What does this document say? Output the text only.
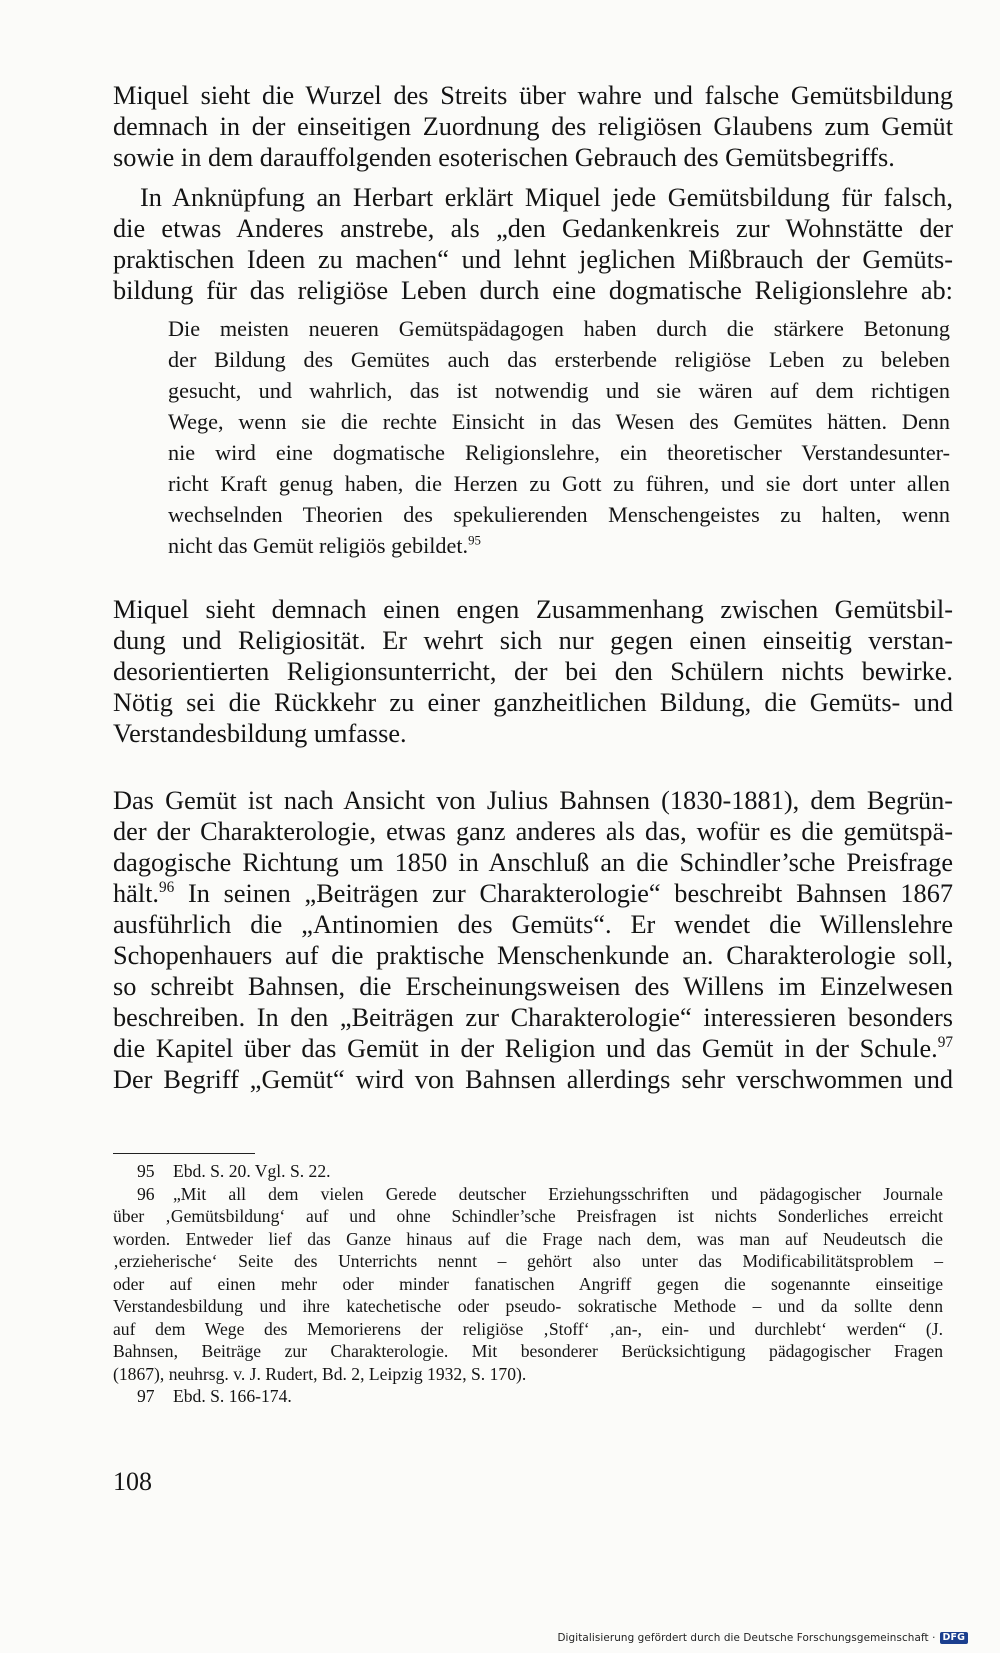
Miquel sieht die Wurzel des Streits über wahre und falsche Gemütsbildung

demnach in der einseitigen Zuordnung des religiösen Glaubens zum Gemüt

sowie in dem darauffolgenden esoterischen Gebrauch des Gemütsbegriffs.

In Anknüpfung an Herbart erklärt Miquel jede Gemütsbildung für falsch,

die etwas Anderes anstrebe, als „den Gedankenkreis zur Wohnstätte der

praktischen Ideen zu machen“ und lehnt jeglichen Mißbrauch der Gemüts-

bildung für das religiöse Leben durch eine dogmatische Religionslehre ab:

Die meisten neueren Gemütspädagogen haben durch die stärkere Betonung

der Bildung des Gemütes auch das ersterbende religiöse Leben zu beleben

gesucht, und wahrlich, das ist notwendig und sie wären auf dem richtigen

Wege, wenn sie die rechte Einsicht in das Wesen des Gemütes hätten. Denn

nie wird eine dogmatische Religionslehre, ein theoretischer Verstandesunter-

richt Kraft genug haben, die Herzen zu Gott zu führen, und sie dort unter allen

wechselnden Theorien des spekulierenden Menschengeistes zu halten, wenn

nicht das Gemüt religiös gebildet.$^{95}$

Miquel sieht demnach einen engen Zusammenhang zwischen Gemütsbil-

dung und Religiosität. Er wehrt sich nur gegen einen einseitig verstan-

desorientierten Religionsunterricht, der bei den Schülern nichts bewirke.

Nötig sei die Rückkehr zu einer ganzheitlichen Bildung, die Gemüts- und

Verstandesbildung umfasse.

Das Gemüt ist nach Ansicht von Julius Bahnsen (1830-1881), dem Begrün-

der der Charakterologie, etwas ganz anderes als das, wofür es die gemütspä-

dagogische Richtung um 1850 in Anschluß an die Schindler’sche Preisfrage

hält.$^{96}$ In seinen „Beiträgen zur Charakterologie“ beschreibt Bahnsen 1867

ausführlich die „Antinomien des Gemüts“. Er wendet die Willenslehre

Schopenhauers auf die praktische Menschenkunde an. Charakterologie soll,

so schreibt Bahnsen, die Erscheinungsweisen des Willens im Einzelwesen

beschreiben. In den „Beiträgen zur Charakterologie“ interessieren besonders

die Kapitel über das Gemüt in der Religion und das Gemüt in der Schule.$^{97}$

Der Begriff „Gemüt“ wird von Bahnsen allerdings sehr verschwommen und

95 Ebd. S. 20. Vgl. S. 22.

96 „Mit all dem vielen Gerede deutscher Erziehungsschriften und pädagogischer Journale

über ‚Gemütsbildung‘ auf und ohne Schindler’sche Preisfragen ist nichts Sonderliches erreicht

worden. Entweder lief das Ganze hinaus auf die Frage nach dem, was man auf Neudeutsch die

‚erzieherische‘ Seite des Unterrichts nennt – gehört also unter das Modificabilitätsproblem –

oder auf einen mehr oder minder fanatischen Angriff gegen die sogenannte einseitige

Verstandesbildung und ihre katechetische oder pseudo- sokratische Methode – und da sollte denn

auf dem Wege des Memorierens der religiöse ‚Stoff‘ ‚an-, ein- und durchlebt‘ werden“ (J.

Bahnsen, Beiträge zur Charakterologie. Mit besonderer Berücksichtigung pädagogischer Fragen

(1867), neuhrsg. v. J. Rudert, Bd. 2, Leipzig 1932, S. 170).

97 Ebd. S. 166-174.

108

Digitalisierung gefördert durch die Deutsche Forschungsgemeinschaft · DFG
